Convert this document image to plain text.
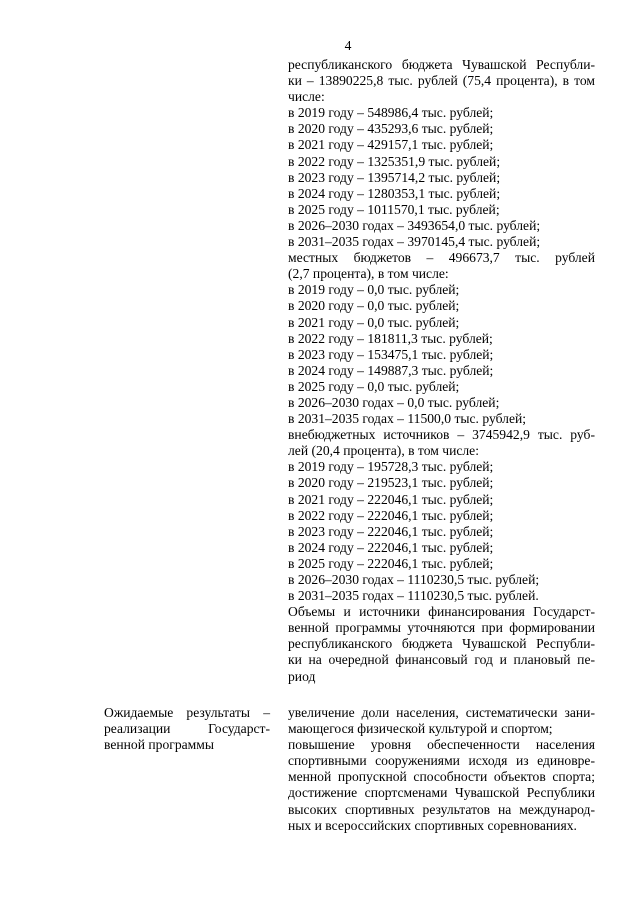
4
республиканского бюджета Чувашской Республи-
ки – 13890225,8 тыс. рублей (75,4 процента), в том
числе:
в 2019 году – 548986,4 тыс. рублей;
в 2020 году – 435293,6 тыс. рублей;
в 2021 году – 429157,1 тыс. рублей;
в 2022 году – 1325351,9 тыс. рублей;
в 2023 году – 1395714,2 тыс. рублей;
в 2024 году – 1280353,1 тыс. рублей;
в 2025 году – 1011570,1 тыс. рублей;
в 2026–2030 годах – 3493654,0 тыс. рублей;
в 2031–2035 годах – 3970145,4 тыс. рублей;
местных бюджетов – 496673,7 тыс. рублей
(2,7 процента), в том числе:
в 2019 году – 0,0 тыс. рублей;
в 2020 году – 0,0 тыс. рублей;
в 2021 году – 0,0 тыс. рублей;
в 2022 году – 181811,3 тыс. рублей;
в 2023 году – 153475,1 тыс. рублей;
в 2024 году – 149887,3 тыс. рублей;
в 2025 году – 0,0 тыс. рублей;
в 2026–2030 годах – 0,0 тыс. рублей;
в 2031–2035 годах – 11500,0 тыс. рублей;
внебюджетных источников – 3745942,9 тыс. руб-
лей (20,4 процента), в том числе:
в 2019 году – 195728,3 тыс. рублей;
в 2020 году – 219523,1 тыс. рублей;
в 2021 году – 222046,1 тыс. рублей;
в 2022 году – 222046,1 тыс. рублей;
в 2023 году – 222046,1 тыс. рублей;
в 2024 году – 222046,1 тыс. рублей;
в 2025 году – 222046,1 тыс. рублей;
в 2026–2030 годах – 1110230,5 тыс. рублей;
в 2031–2035 годах – 1110230,5 тыс. рублей.
Объемы и источники финансирования Государст-
венной программы уточняются при формировании
республиканского бюджета Чувашской Республи-
ки на очередной финансовый год и плановый пе-
риод
Ожидаемые результаты –
реализации Государст-
венной программы
увеличение доли населения, систематически зани-
мающегося физической культурой и спортом;
повышение уровня обеспеченности населения
спортивными сооружениями исходя из единовре-
менной пропускной способности объектов спорта;
достижение спортсменами Чувашской Республики
высоких спортивных результатов на международ-
ных и всероссийских спортивных соревнованиях.
